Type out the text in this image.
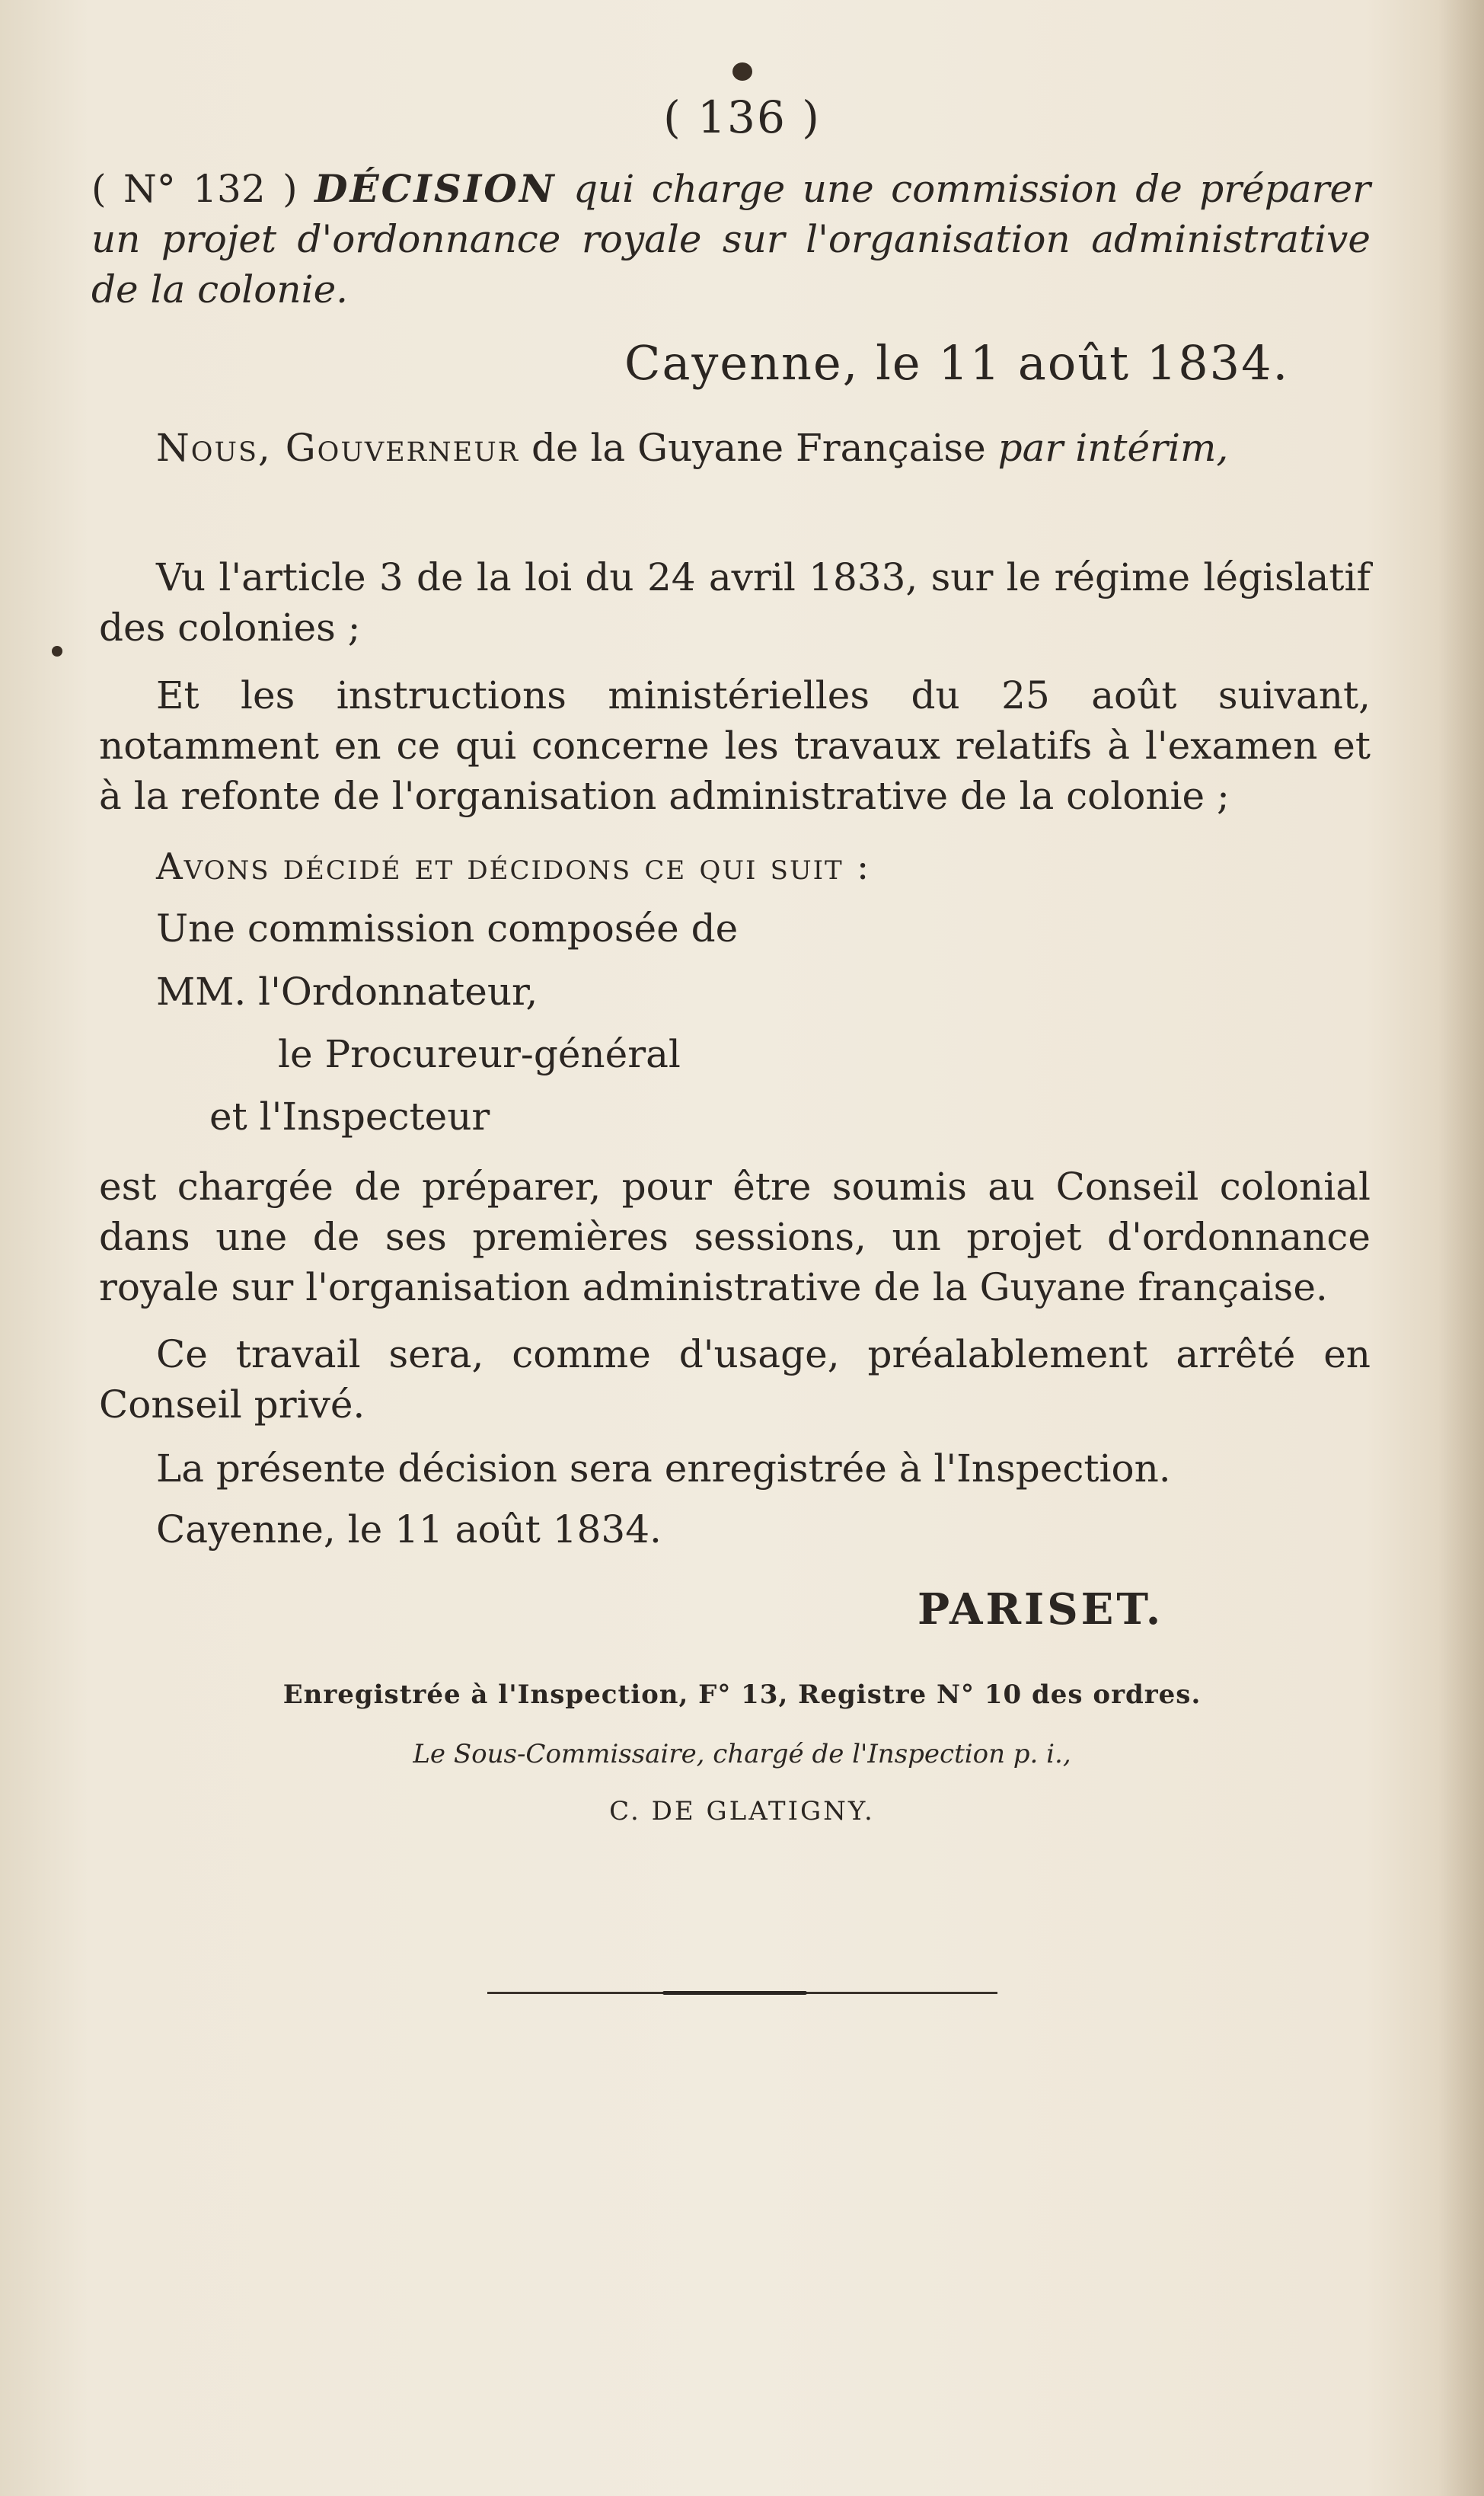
( 136 )
( N° 132 ) DÉCISION qui charge une commission de préparer un projet d'ordonnance royale sur l'organisation administrative de la colonie.
Cayenne, le 11 août 1834.

Nous, Gouverneur de la Guyane Française par intérim,

Vu l'article 3 de la loi du 24 avril 1833, sur le régime législatif des colonies ;

Et les instructions ministérielles du 25 août suivant, notamment en ce qui concerne les travaux relatifs à l'examen et à la refonte de l'organisation administrative de la colonie ;

Avons décidé et décidons ce qui suit :
Une commission composée de
MM. l'Ordonnateur,
le Procureur-général
et l'Inspecteur

est chargée de préparer, pour être soumis au Conseil colonial dans une de ses premières sessions, un projet d'ordonnance royale sur l'organisation administrative de la Guyane française.

Ce travail sera, comme d'usage, préalablement arrêté en Conseil privé.

La présente décision sera enregistrée à l'Inspection.

Cayenne, le 11 août 1834.

PARISET.
Enregistrée à l'Inspection, F° 13, Registre N° 10 des ordres.
Le Sous-Commissaire, chargé de l'Inspection p. i.,
C. DE GLATIGNY.
